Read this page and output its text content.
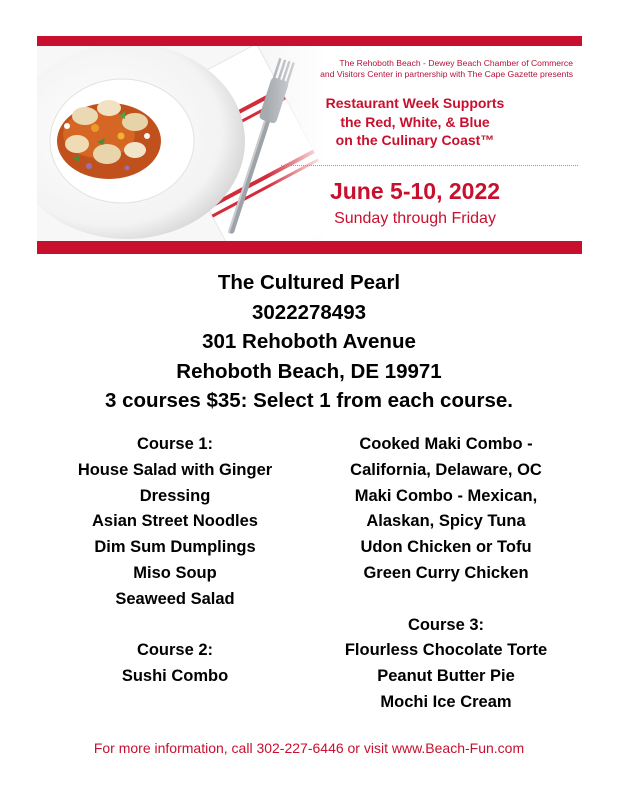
The Rehoboth Beach - Dewey Beach Chamber of Commerce
and Visitors Center in partnership with The Cape Gazette presents
Restaurant Week Supports
the Red, White, & Blue
on the Culinary Coast™
June 5-10, 2022
Sunday through Friday
The Cultured Pearl
3022278493
301 Rehoboth Avenue
Rehoboth Beach, DE 19971
3 courses $35: Select 1 from each course.
Course 1:
House Salad with Ginger
Dressing
Asian Street Noodles
Dim Sum Dumplings
Miso Soup
Seaweed Salad
Course 2:
Sushi Combo
Cooked Maki Combo -
California, Delaware, OC
Maki Combo - Mexican,
Alaskan, Spicy Tuna
Udon Chicken or Tofu
Green Curry Chicken
Course 3:
Flourless Chocolate Torte
Peanut Butter Pie
Mochi Ice Cream
For more information, call 302-227-6446 or visit www.Beach-Fun.com
